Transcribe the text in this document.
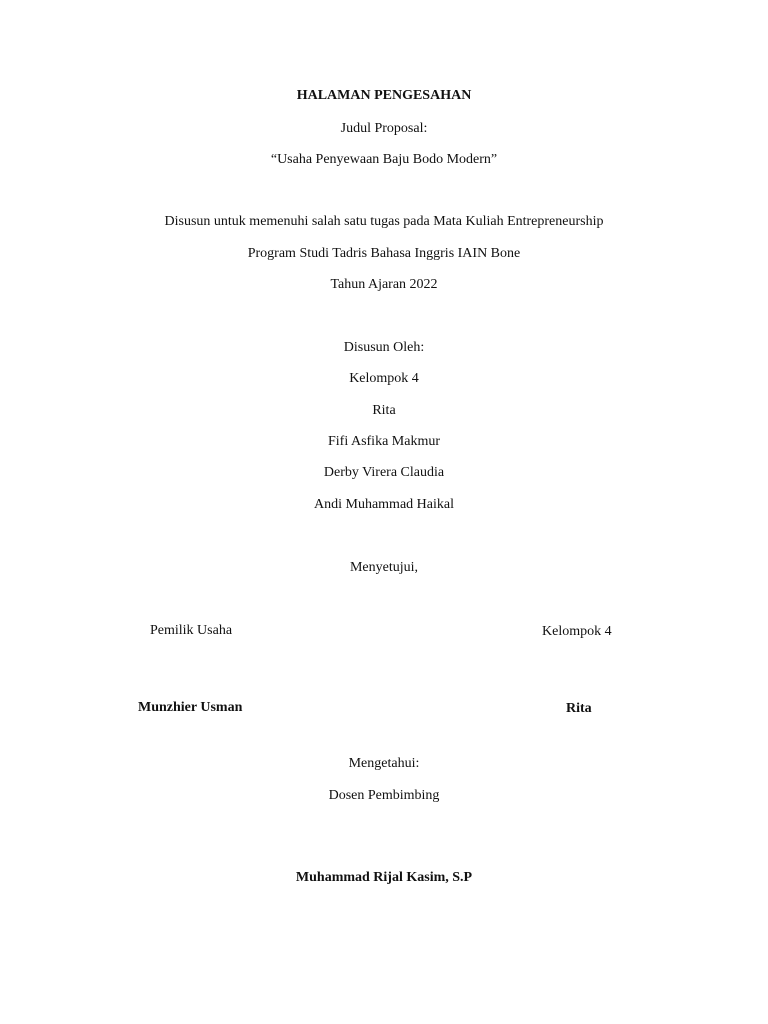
HALAMAN PENGESAHAN
Judul Proposal:
“Usaha Penyewaan Baju Bodo Modern”
Disusun untuk memenuhi salah satu tugas pada Mata Kuliah Entrepreneurship
Program Studi Tadris Bahasa Inggris IAIN Bone
Tahun Ajaran 2022
Disusun Oleh:
Kelompok 4
Rita
Fifi Asfika Makmur
Derby Virera Claudia
Andi Muhammad Haikal
Menyetujui,
Pemilik Usaha	Kelompok 4
Munzhier Usman	Rita
Mengetahui:
Dosen Pembimbing
Muhammad Rijal Kasim, S.P
